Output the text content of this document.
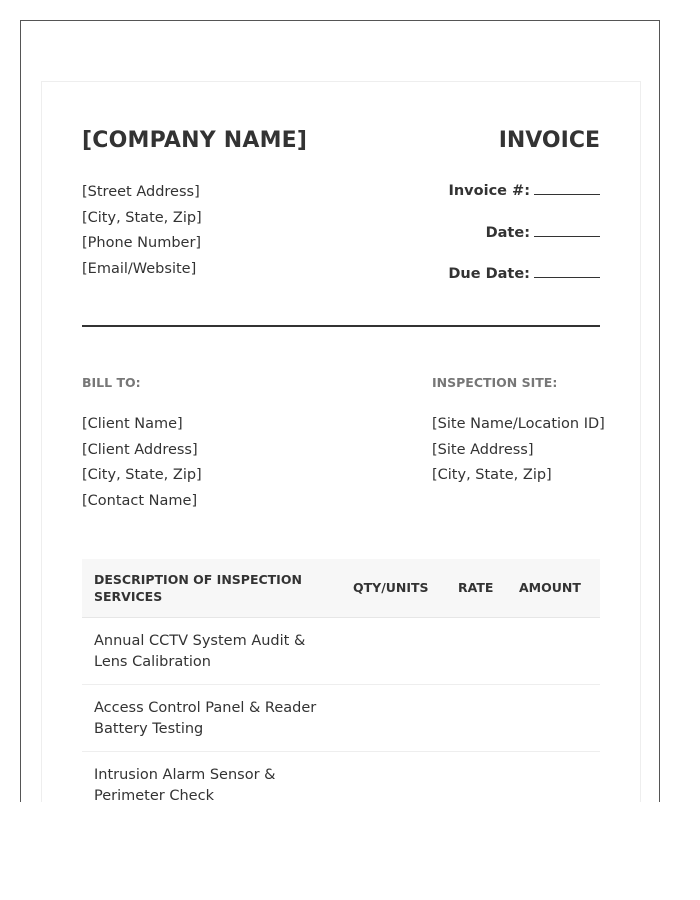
[COMPANY NAME]	INVOICE
[Street Address]
[City, State, Zip]
[Phone Number]
[Email/Website]
Invoice #:
Date:
Due Date:
BILL TO:	INSPECTION SITE:
[Client Name]
[Client Address]
[City, State, Zip]
[Contact Name]
[Site Name/Location ID]
[Site Address]
[City, State, Zip]
DESCRIPTION OF INSPECTION SERVICES
QTY/UNITS RATE AMOUNT
Annual CCTV System Audit & Lens Calibration
Access Control Panel & Reader Battery Testing
Intrusion Alarm Sensor & Perimeter Check
